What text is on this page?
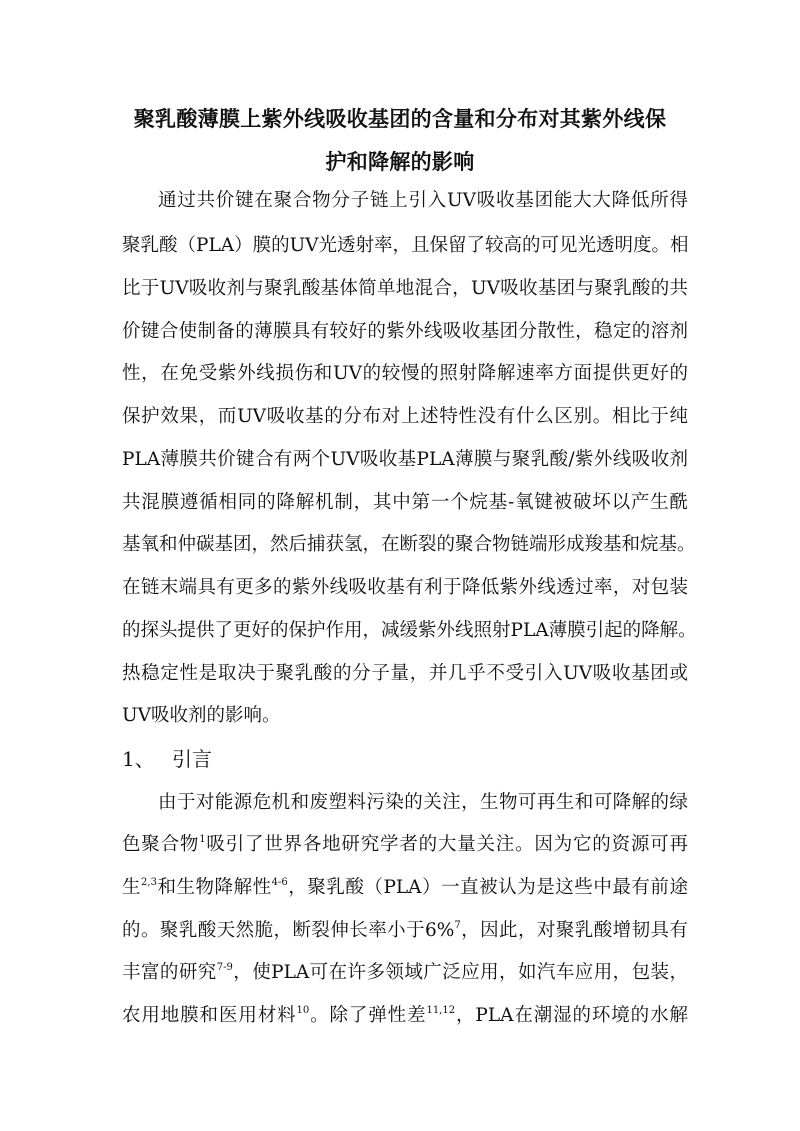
聚乳酸薄膜上紫外线吸收基团的含量和分布对其紫外线保
护和降解的影响
通过共价键在聚合物分子链上引入UV吸收基团能大大降低所得
聚乳酸（PLA）膜的UV光透射率，且保留了较高的可见光透明度。相
比于UV吸收剂与聚乳酸基体简单地混合，UV吸收基团与聚乳酸的共
价键合使制备的薄膜具有较好的紫外线吸收基团分散性，稳定的溶剂
性，在免受紫外线损伤和UV的较慢的照射降解速率方面提供更好的
保护效果，而UV吸收基的分布对上述特性没有什么区别。相比于纯
PLA薄膜共价键合有两个UV吸收基PLA薄膜与聚乳酸/紫外线吸收剂
共混膜遵循相同的降解机制，其中第一个烷基-氧键被破坏以产生酰
基氧和仲碳基团，然后捕获氢，在断裂的聚合物链端形成羧基和烷基。
在链末端具有更多的紫外线吸收基有利于降低紫外线透过率，对包装
的探头提供了更好的保护作用，减缓紫外线照射PLA薄膜引起的降解。
热稳定性是取决于聚乳酸的分子量，并几乎不受引入UV吸收基团或
UV吸收剂的影响。
1、 引言
由于对能源危机和废塑料污染的关注，生物可再生和可降解的绿
色聚合物$^1$吸引了世界各地研究学者的大量关注。因为它的资源可再
生$^{2,3}$和生物降解性$^{4-6}$，聚乳酸（PLA）一直被认为是这些中最有前途
的。聚乳酸天然脆，断裂伸长率小于6%$^7$，因此，对聚乳酸增韧具有
丰富的研究$^{7-9}$，使PLA可在许多领域广泛应用，如汽车应用，包装，
农用地膜和医用材料$^{10}$。除了弹性差$^{11,12}$，PLA在潮湿的环境的水解
